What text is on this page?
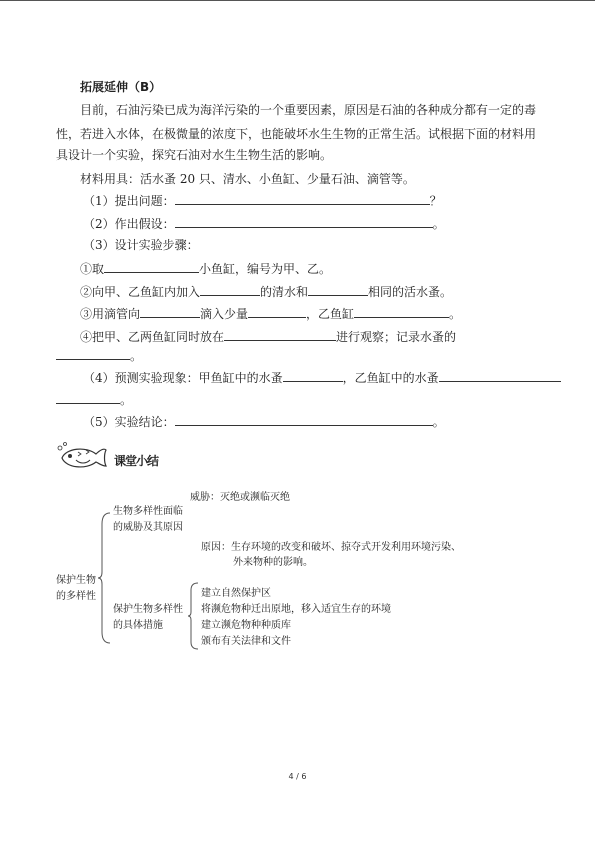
拓展延伸（B）
目前，石油污染已成为海洋污染的一个重要因素，原因是石油的各种成分都有一定的毒
性，若进入水体，在极微量的浓度下，也能破坏水生生物的正常生活。试根据下面的材料用
具设计一个实验，探究石油对水生生物生活的影响。
材料用具：活水蚤 20 只、清水、小鱼缸、少量石油、滴管等。
（1）提出问题：	？
（2）作出假设：	。
（3）设计实验步骤：
①取	小鱼缸，编号为甲、乙。
②向甲、乙鱼缸内加入	的清水和	相同的活水蚤。
③用滴管向	滴入少量	，乙鱼缸	。
④把甲、乙两鱼缸同时放在	进行观察；记录水蚤的
。
（4）预测实验现象：甲鱼缸中的水蚤	，乙鱼缸中的水蚤
。
（5）实验结论：	。
课堂小结
保护生物
的多样性
生物多样性面临
的威胁及其原因
威胁：灭绝或濒临灭绝
原因：生存环境的改变和破坏、掠夺式开发利用环境污染、
外来物种的影响。
保护生物多样性
的具体措施
建立自然保护区
将濒危物种迁出原地，移入适宜生存的环境
建立濒危物种种质库
颁布有关法律和文件
4 / 6
